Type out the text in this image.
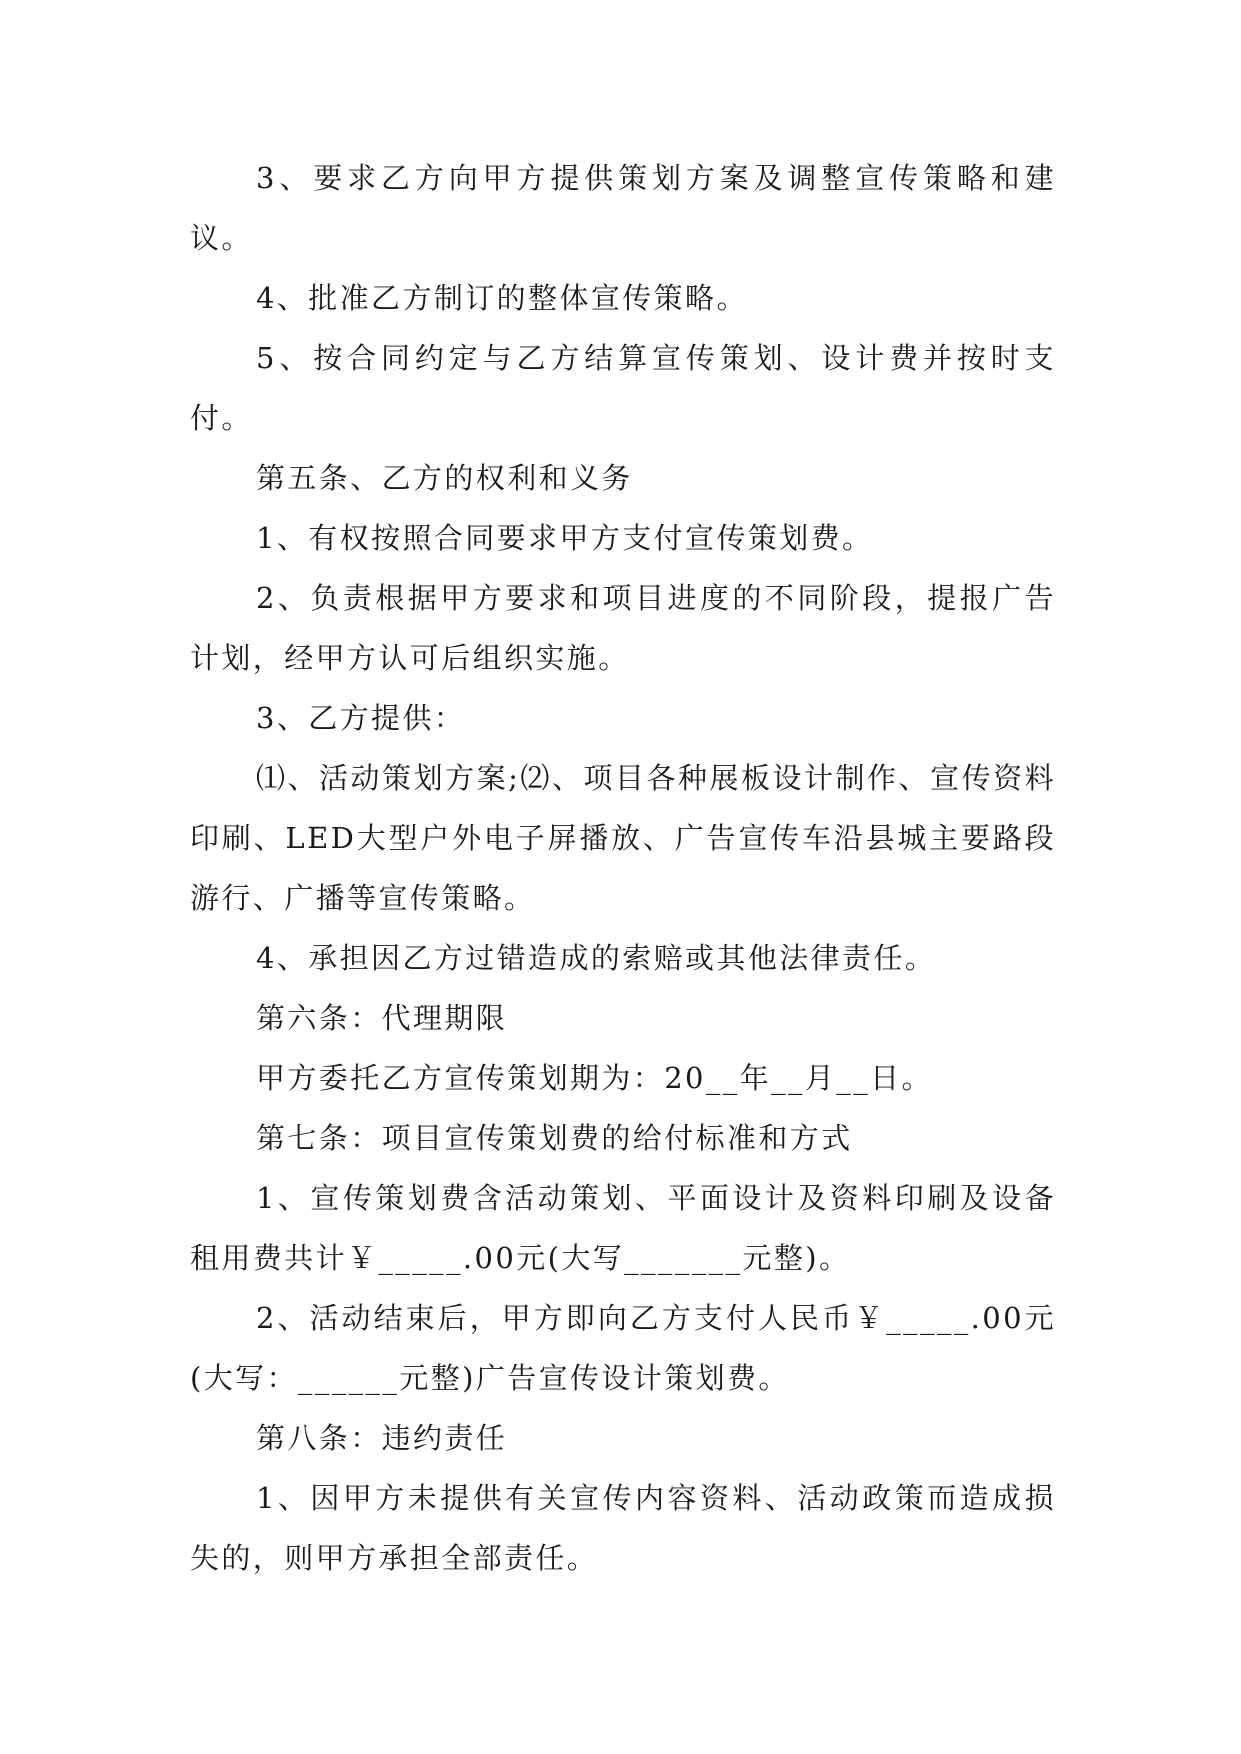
3、要求乙方向甲方提供策划方案及调整宣传策略和建议。

4、批准乙方制订的整体宣传策略。

5、按合同约定与乙方结算宣传策划、设计费并按时支付。

第五条、乙方的权利和义务

1、有权按照合同要求甲方支付宣传策划费。

2、负责根据甲方要求和项目进度的不同阶段，提报广告计划，经甲方认可后组织实施。

3、乙方提供：

⑴、活动策划方案;⑵、项目各种展板设计制作、宣传资料印刷、LED大型户外电子屏播放、广告宣传车沿县城主要路段游行、广播等宣传策略。

4、承担因乙方过错造成的索赔或其他法律责任。

第六条：代理期限

甲方委托乙方宣传策划期为：20__年__月__日。

第七条：项目宣传策划费的给付标准和方式

1、宣传策划费含活动策划、平面设计及资料印刷及设备租用费共计￥_____.00元(大写_______元整)。

2、活动结束后，甲方即向乙方支付人民币￥_____.00元(大写：______元整)广告宣传设计策划费。

第八条：违约责任

1、因甲方未提供有关宣传内容资料、活动政策而造成损失的，则甲方承担全部责任。
